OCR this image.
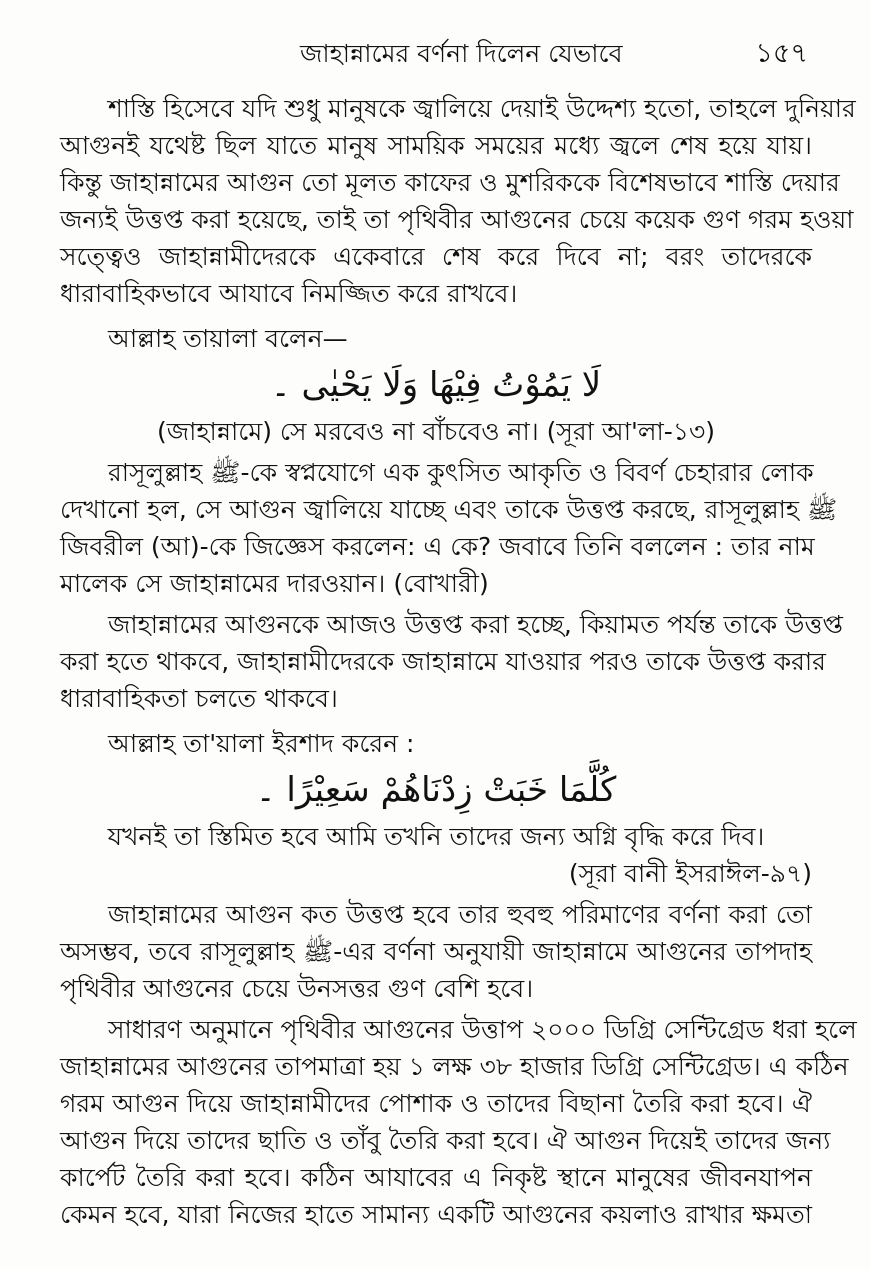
জাহান্নামের বর্ণনা দিলেন যেভাবে	১৫৭
শাস্তি হিসেবে যদি শুধু মানুষকে জ্বালিয়ে দেয়াই উদ্দেশ্য হতো, তাহলে দুনিয়ার
আগুনই যথেষ্ট ছিল যাতে মানুষ সাময়িক সময়ের মধ্যে জ্বলে শেষ হয়ে যায়।
কিন্তু জাহান্নামের আগুন তো মূলত কাফের ও মুশরিককে বিশেষভাবে শাস্তি দেয়ার
জন্যই উত্তপ্ত করা হয়েছে, তাই তা পৃথিবীর আগুনের চেয়ে কয়েক গুণ গরম হওয়া
সত্ত্বেও জাহান্নামীদেরকে একেবারে শেষ করে দিবে না; বরং তাদেরকে
ধারাবাহিকভাবে আযাবে নিমজ্জিত করে রাখবে।
আল্লাহ তায়ালা বলেন—
لَا يَمُوْتُ فِيْهَا وَلَا يَحْيٰى ۔
(জাহান্নামে) সে মরবেও না বাঁচবেও না। (সূরা আ'লা-১৩)
রাসূলুল্লাহ ﷺ-কে স্বপ্নযোগে এক কুৎসিত আকৃতি ও বিবর্ণ চেহারার লোক
দেখানো হল, সে আগুন জ্বালিয়ে যাচ্ছে এবং তাকে উত্তপ্ত করছে, রাসূলুল্লাহ ﷺ
জিবরীল (আ)-কে জিজ্ঞেস করলেন: এ কে? জবাবে তিনি বললেন : তার নাম
মালেক সে জাহান্নামের দারওয়ান। (বোখারী)
জাহান্নামের আগুনকে আজও উত্তপ্ত করা হচ্ছে, কিয়ামত পর্যন্ত তাকে উত্তপ্ত
করা হতে থাকবে, জাহান্নামীদেরকে জাহান্নামে যাওয়ার পরও তাকে উত্তপ্ত করার
ধারাবাহিকতা চলতে থাকবে।
আল্লাহ তা'য়ালা ইরশাদ করেন :
كُلَّمَا خَبَتْ زِدْنَاهُمْ سَعِيْرًا ۔
যখনই তা স্তিমিত হবে আমি তখনি তাদের জন্য অগ্নি বৃদ্ধি করে দিব।
(সূরা বানী ইসরাঈল-৯৭)
জাহান্নামের আগুন কত উত্তপ্ত হবে তার হুবহু পরিমাণের বর্ণনা করা তো
অসম্ভব, তবে রাসূলুল্লাহ ﷺ-এর বর্ণনা অনুযায়ী জাহান্নামে আগুনের তাপদাহ
পৃথিবীর আগুনের চেয়ে উনসত্তর গুণ বেশি হবে।
সাধারণ অনুমানে পৃথিবীর আগুনের উত্তাপ ২০০০ ডিগ্রি সেন্টিগ্রেড ধরা হলে
জাহান্নামের আগুনের তাপমাত্রা হয় ১ লক্ষ ৩৮ হাজার ডিগ্রি সেন্টিগ্রেড। এ কঠিন
গরম আগুন দিয়ে জাহান্নামীদের পোশাক ও তাদের বিছানা তৈরি করা হবে। ঐ
আগুন দিয়ে তাদের ছাতি ও তাঁবু তৈরি করা হবে। ঐ আগুন দিয়েই তাদের জন্য
কার্পেট তৈরি করা হবে। কঠিন আযাবের এ নিকৃষ্ট স্থানে মানুষের জীবনযাপন
কেমন হবে, যারা নিজের হাতে সামান্য একটি আগুনের কয়লাও রাখার ক্ষমতা
